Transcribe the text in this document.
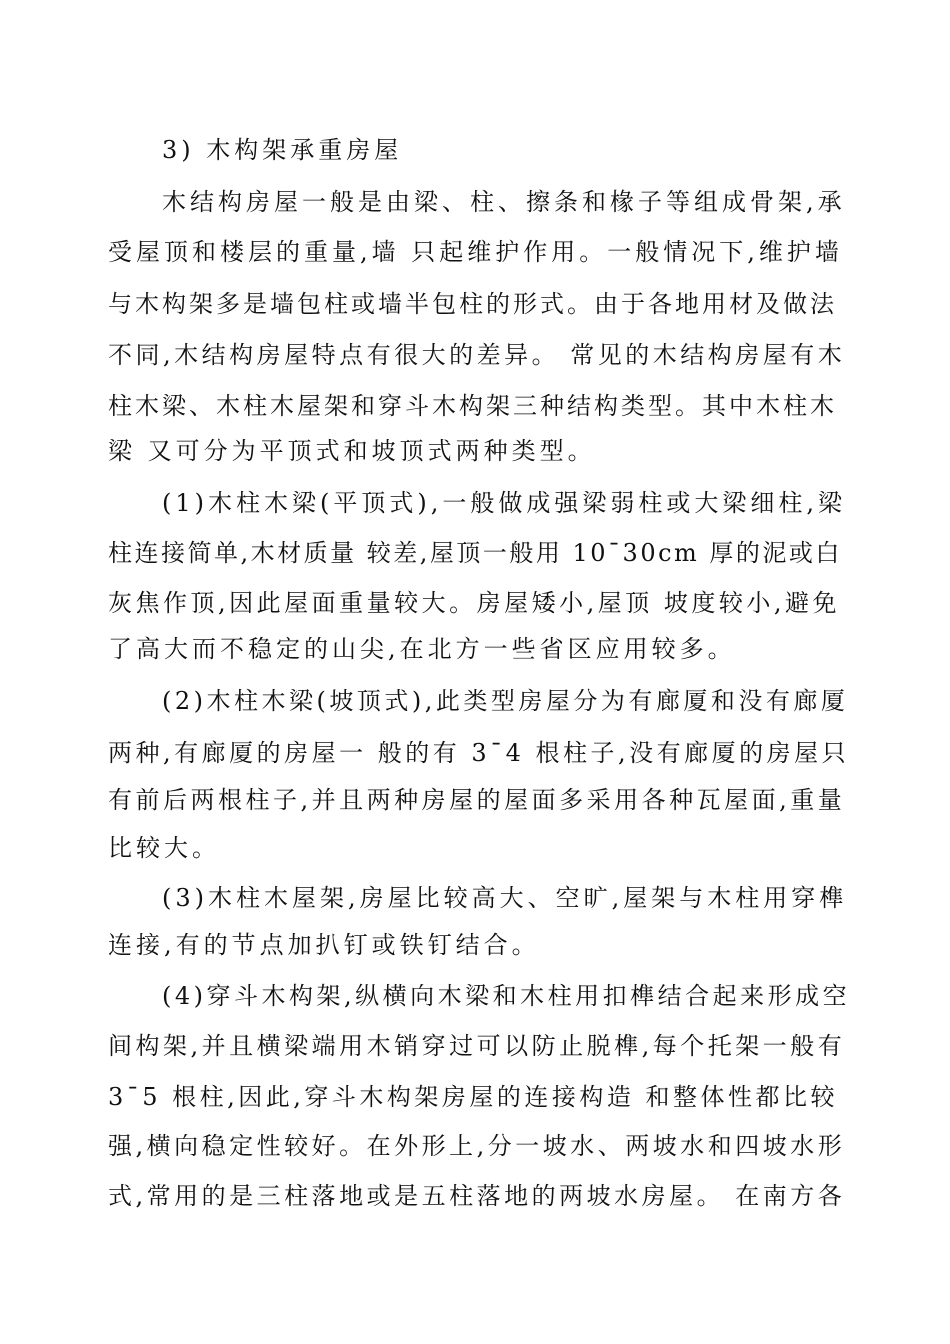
3) 木构架承重房屋
木结构房屋一般是由梁、柱、擦条和椽子等组成骨架,承
受屋顶和楼层的重量,墙 只起维护作用。一般情况下,维护墙
与木构架多是墙包柱或墙半包柱的形式。由于各地用材及做法
不同,木结构房屋特点有很大的差异。 常见的木结构房屋有木
柱木梁、木柱木屋架和穿斗木构架三种结构类型。其中木柱木
梁 又可分为平顶式和坡顶式两种类型。
(1)木柱木梁(平顶式),一般做成强梁弱柱或大梁细柱,梁
柱连接简单,木材质量 较差,屋顶一般用 10¯30cm 厚的泥或白
灰焦作顶,因此屋面重量较大。房屋矮小,屋顶 坡度较小,避免
了高大而不稳定的山尖,在北方一些省区应用较多。
(2)木柱木梁(坡顶式),此类型房屋分为有廊厦和没有廊厦
两种,有廊厦的房屋一 般的有 3¯4 根柱子,没有廊厦的房屋只
有前后两根柱子,并且两种房屋的屋面多采用各种瓦屋面,重量
比较大。
(3)木柱木屋架,房屋比较高大、空旷,屋架与木柱用穿榫
连接,有的节点加扒钉或铁钉结合。
(4)穿斗木构架,纵横向木梁和木柱用扣榫结合起来形成空
间构架,并且横梁端用木销穿过可以防止脱榫,每个托架一般有
3¯5 根柱,因此,穿斗木构架房屋的连接构造 和整体性都比较
强,横向稳定性较好。在外形上,分一坡水、两坡水和四坡水形
式,常用的是三柱落地或是五柱落地的两坡水房屋。 在南方各
